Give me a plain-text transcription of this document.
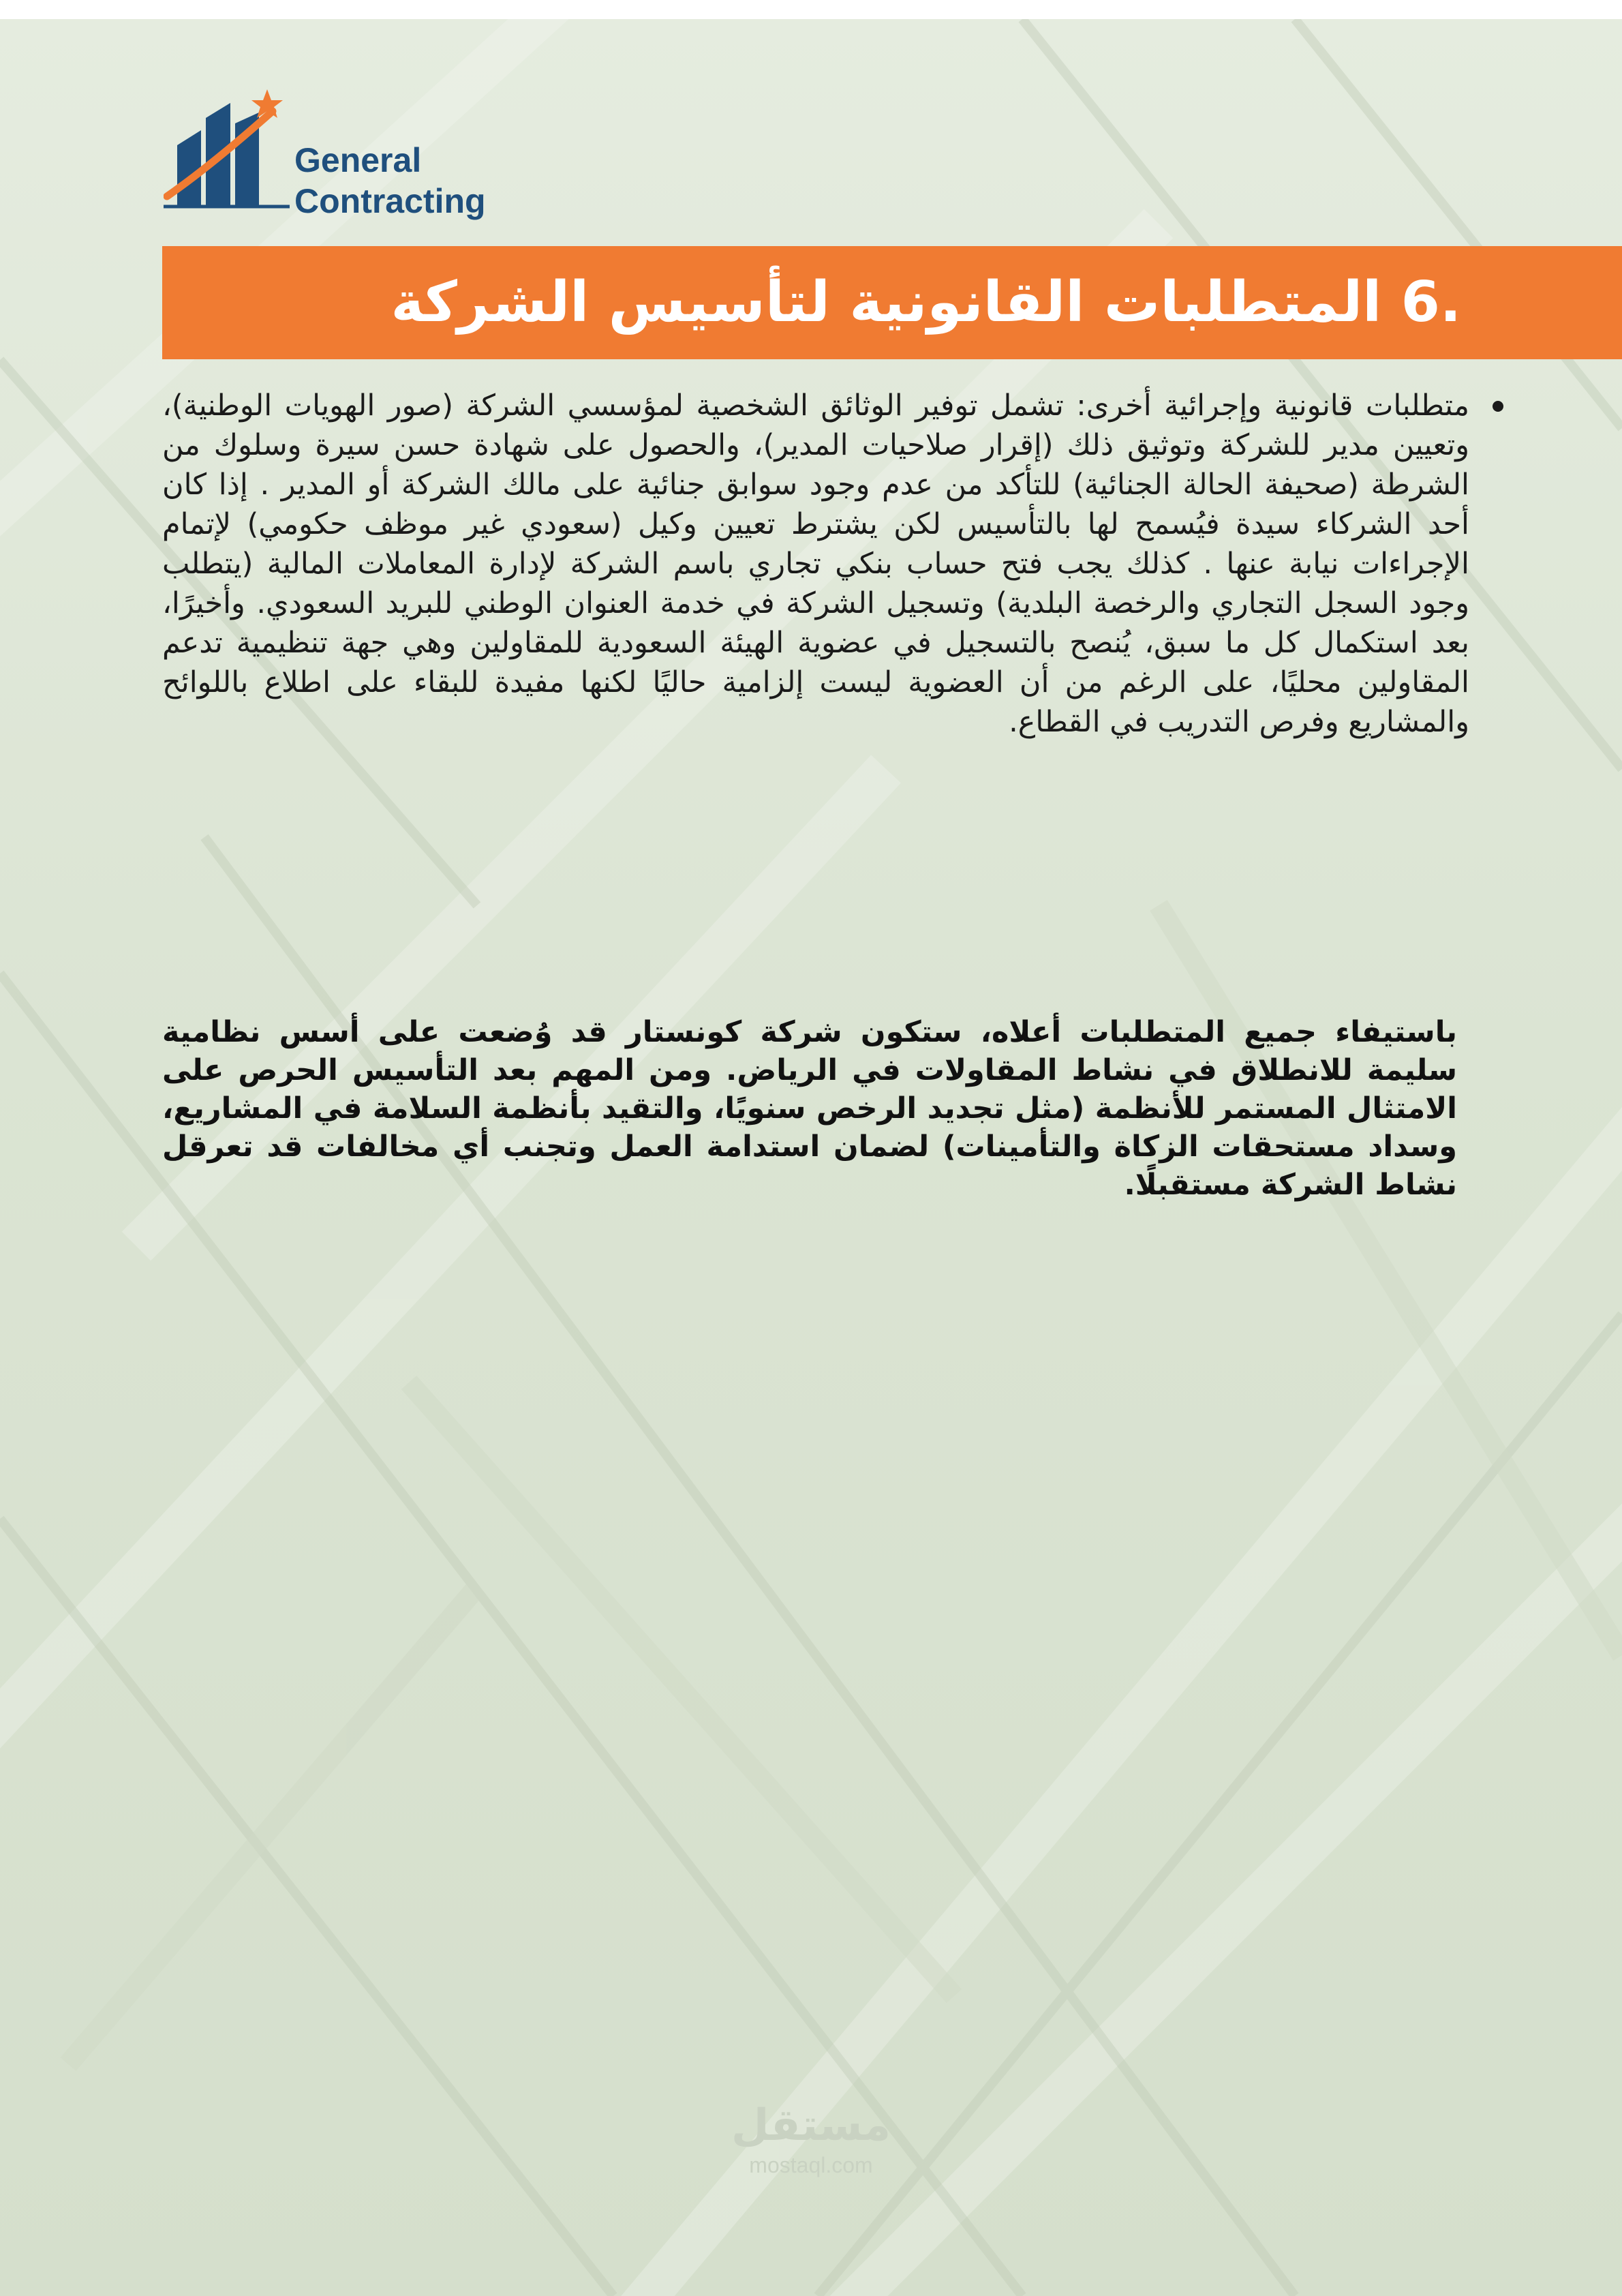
General
Contracting
.6 المتطلبات القانونية لتأسيس الشركة

متطلبات قانونية وإجرائية أخرى: تشمل توفير الوثائق الشخصية لمؤسسي الشركة (صور الهويات الوطنية)، وتعيين مدير للشركة وتوثيق ذلك (إقرار صلاحيات المدير)، والحصول على شهادة حسن سيرة وسلوك من الشرطة (صحيفة الحالة الجنائية) للتأكد من عدم وجود سوابق جنائية على مالك الشركة أو المدير . إذا كان أحد الشركاء سيدة فيُسمح لها بالتأسيس لكن يشترط تعيين وكيل (سعودي غير موظف حكومي) لإتمام الإجراءات نيابة عنها . كذلك يجب فتح حساب بنكي تجاري باسم الشركة لإدارة المعاملات المالية (يتطلب وجود السجل التجاري والرخصة البلدية) وتسجيل الشركة في خدمة العنوان الوطني للبريد السعودي. وأخيرًا، بعد استكمال كل ما سبق، يُنصح بالتسجيل في عضوية الهيئة السعودية للمقاولين وهي جهة تنظيمية تدعم المقاولين محليًا، على الرغم من أن العضوية ليست إلزامية حاليًا لكنها مفيدة للبقاء على اطلاع باللوائح والمشاريع وفرص التدريب في القطاع.

باستيفاء جميع المتطلبات أعلاه، ستكون شركة كونستار قد وُضعت على أسس نظامية سليمة للانطلاق في نشاط المقاولات في الرياض. ومن المهم بعد التأسيس الحرص على الامتثال المستمر للأنظمة (مثل تجديد الرخص سنويًا، والتقيد بأنظمة السلامة في المشاريع، وسداد مستحقات الزكاة والتأمينات) لضمان استدامة العمل وتجنب أي مخالفات قد تعرقل نشاط الشركة مستقبلًا.

مستقل
mostaql.com
